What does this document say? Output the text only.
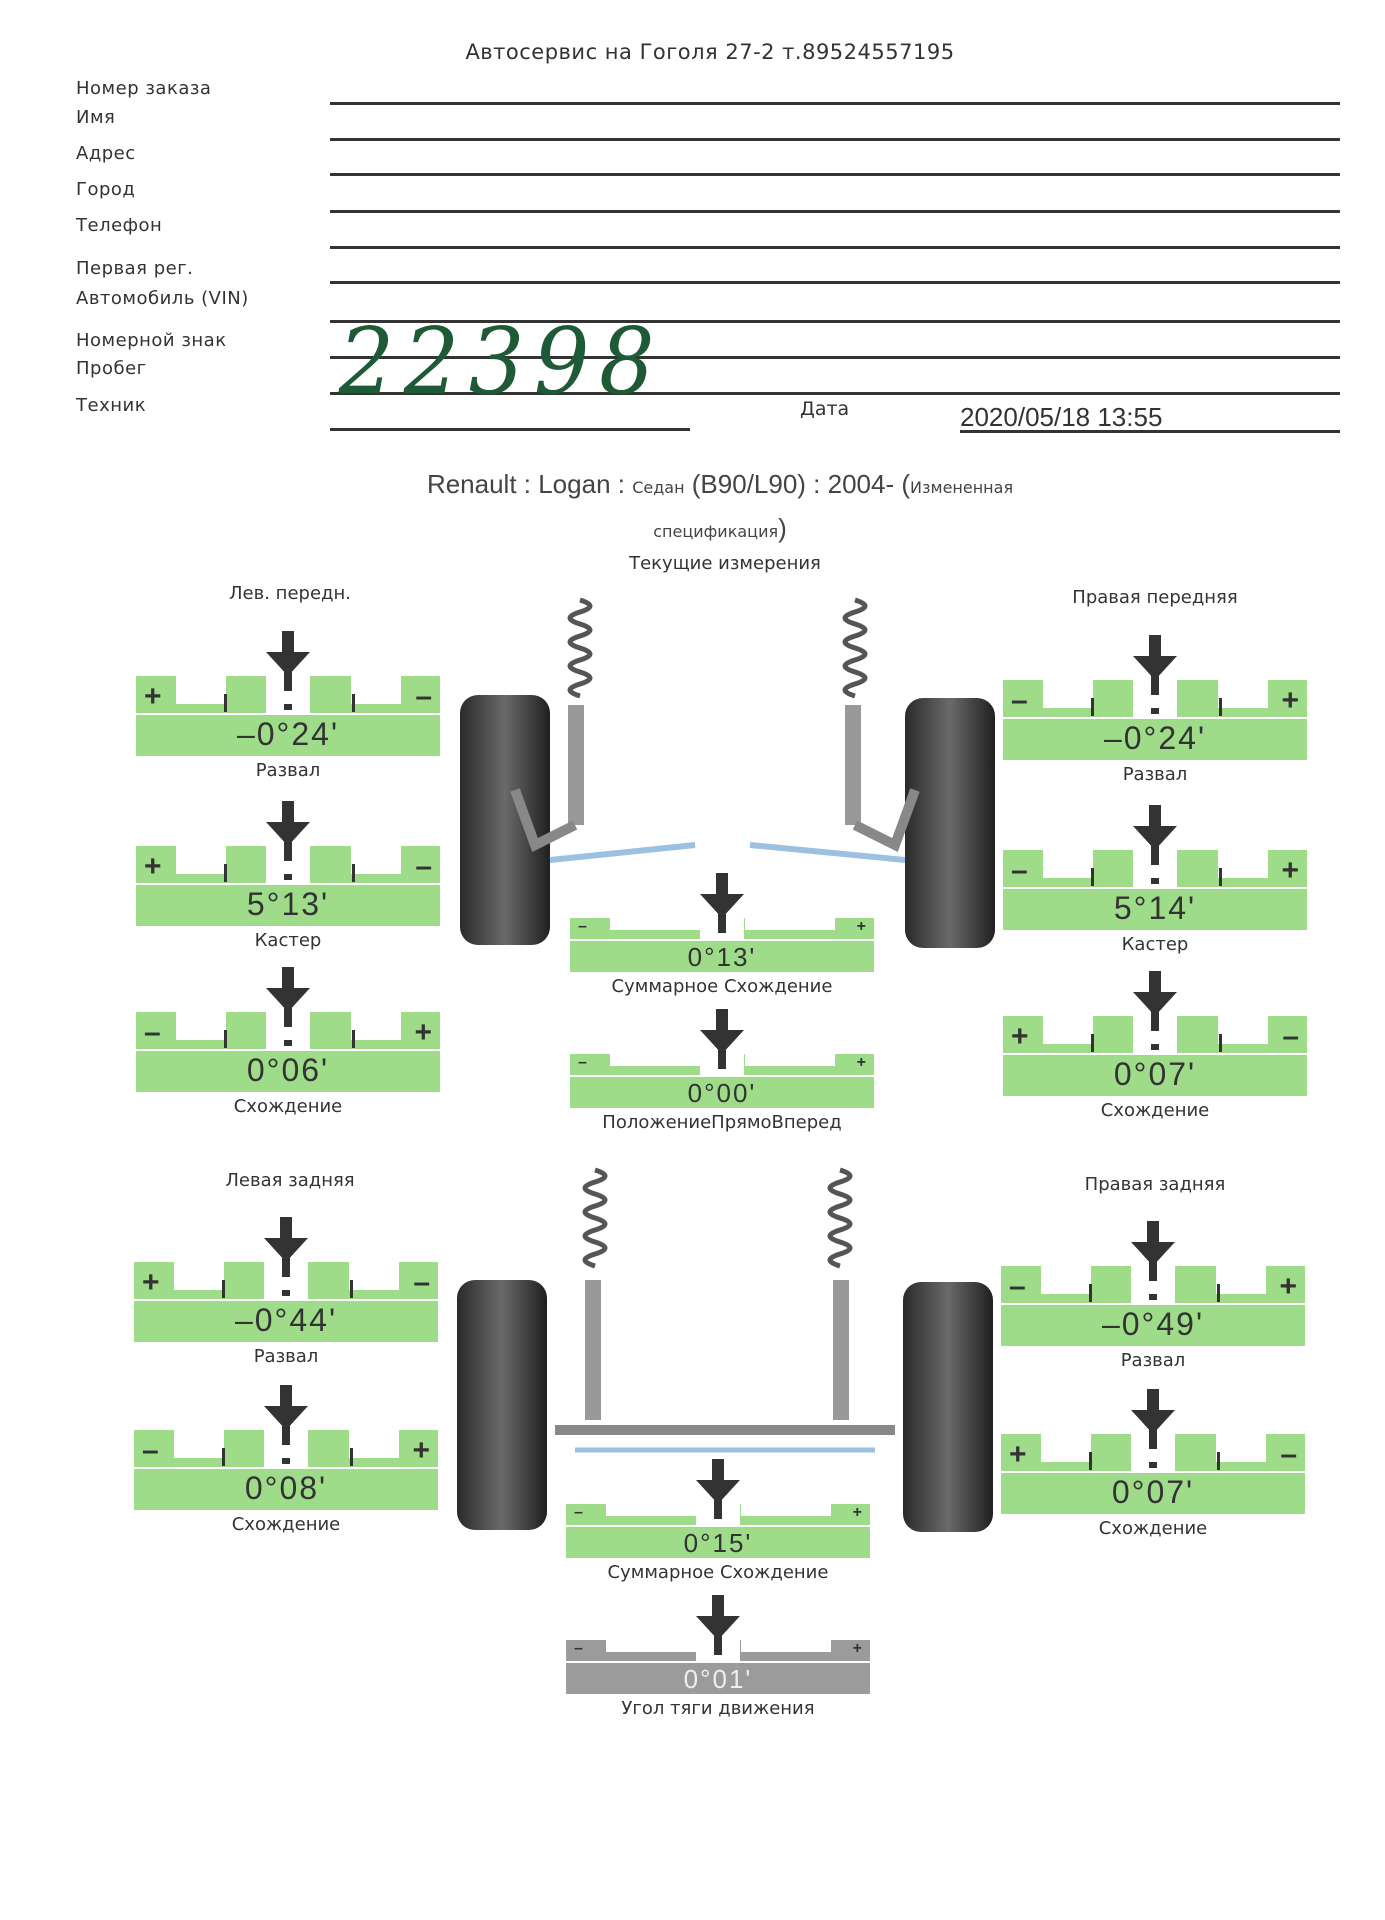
Автосервис на Гоголя 27-2 т.89524557195
Номер заказа
Имя
Адрес
Город
Телефон
Первая рег.
Автомобиль (VIN)
Номерной знак
Пробег
Техник 22398	Дата	2020/05/18 13:55
Renault : Logan : Седан (B90/L90) : 2004- (Измененная
спецификация)
Текущие измерения
Лев. передн.	Правая передняя
Левая задняя	Правая задняя
+	–
–0°24'
Развал
+	–
5°13'
Кастер
–	+
0°06'
Схождение
–	+
–0°24'
Развал
–	+
5°14'
Кастер
+	–
0°07'
Схождение
–	+
0°13'
Суммарное Схождение
–	+
0°00'
ПоложениеПрямоВперед
+	–
–0°44'
Развал
–	+
0°08'
Схождение
–	+
–0°49'
Развал
+	–
0°07'
Схождение
–	+
0°15'
Суммарное Схождение
–	+
0°01'
Угол тяги движения
